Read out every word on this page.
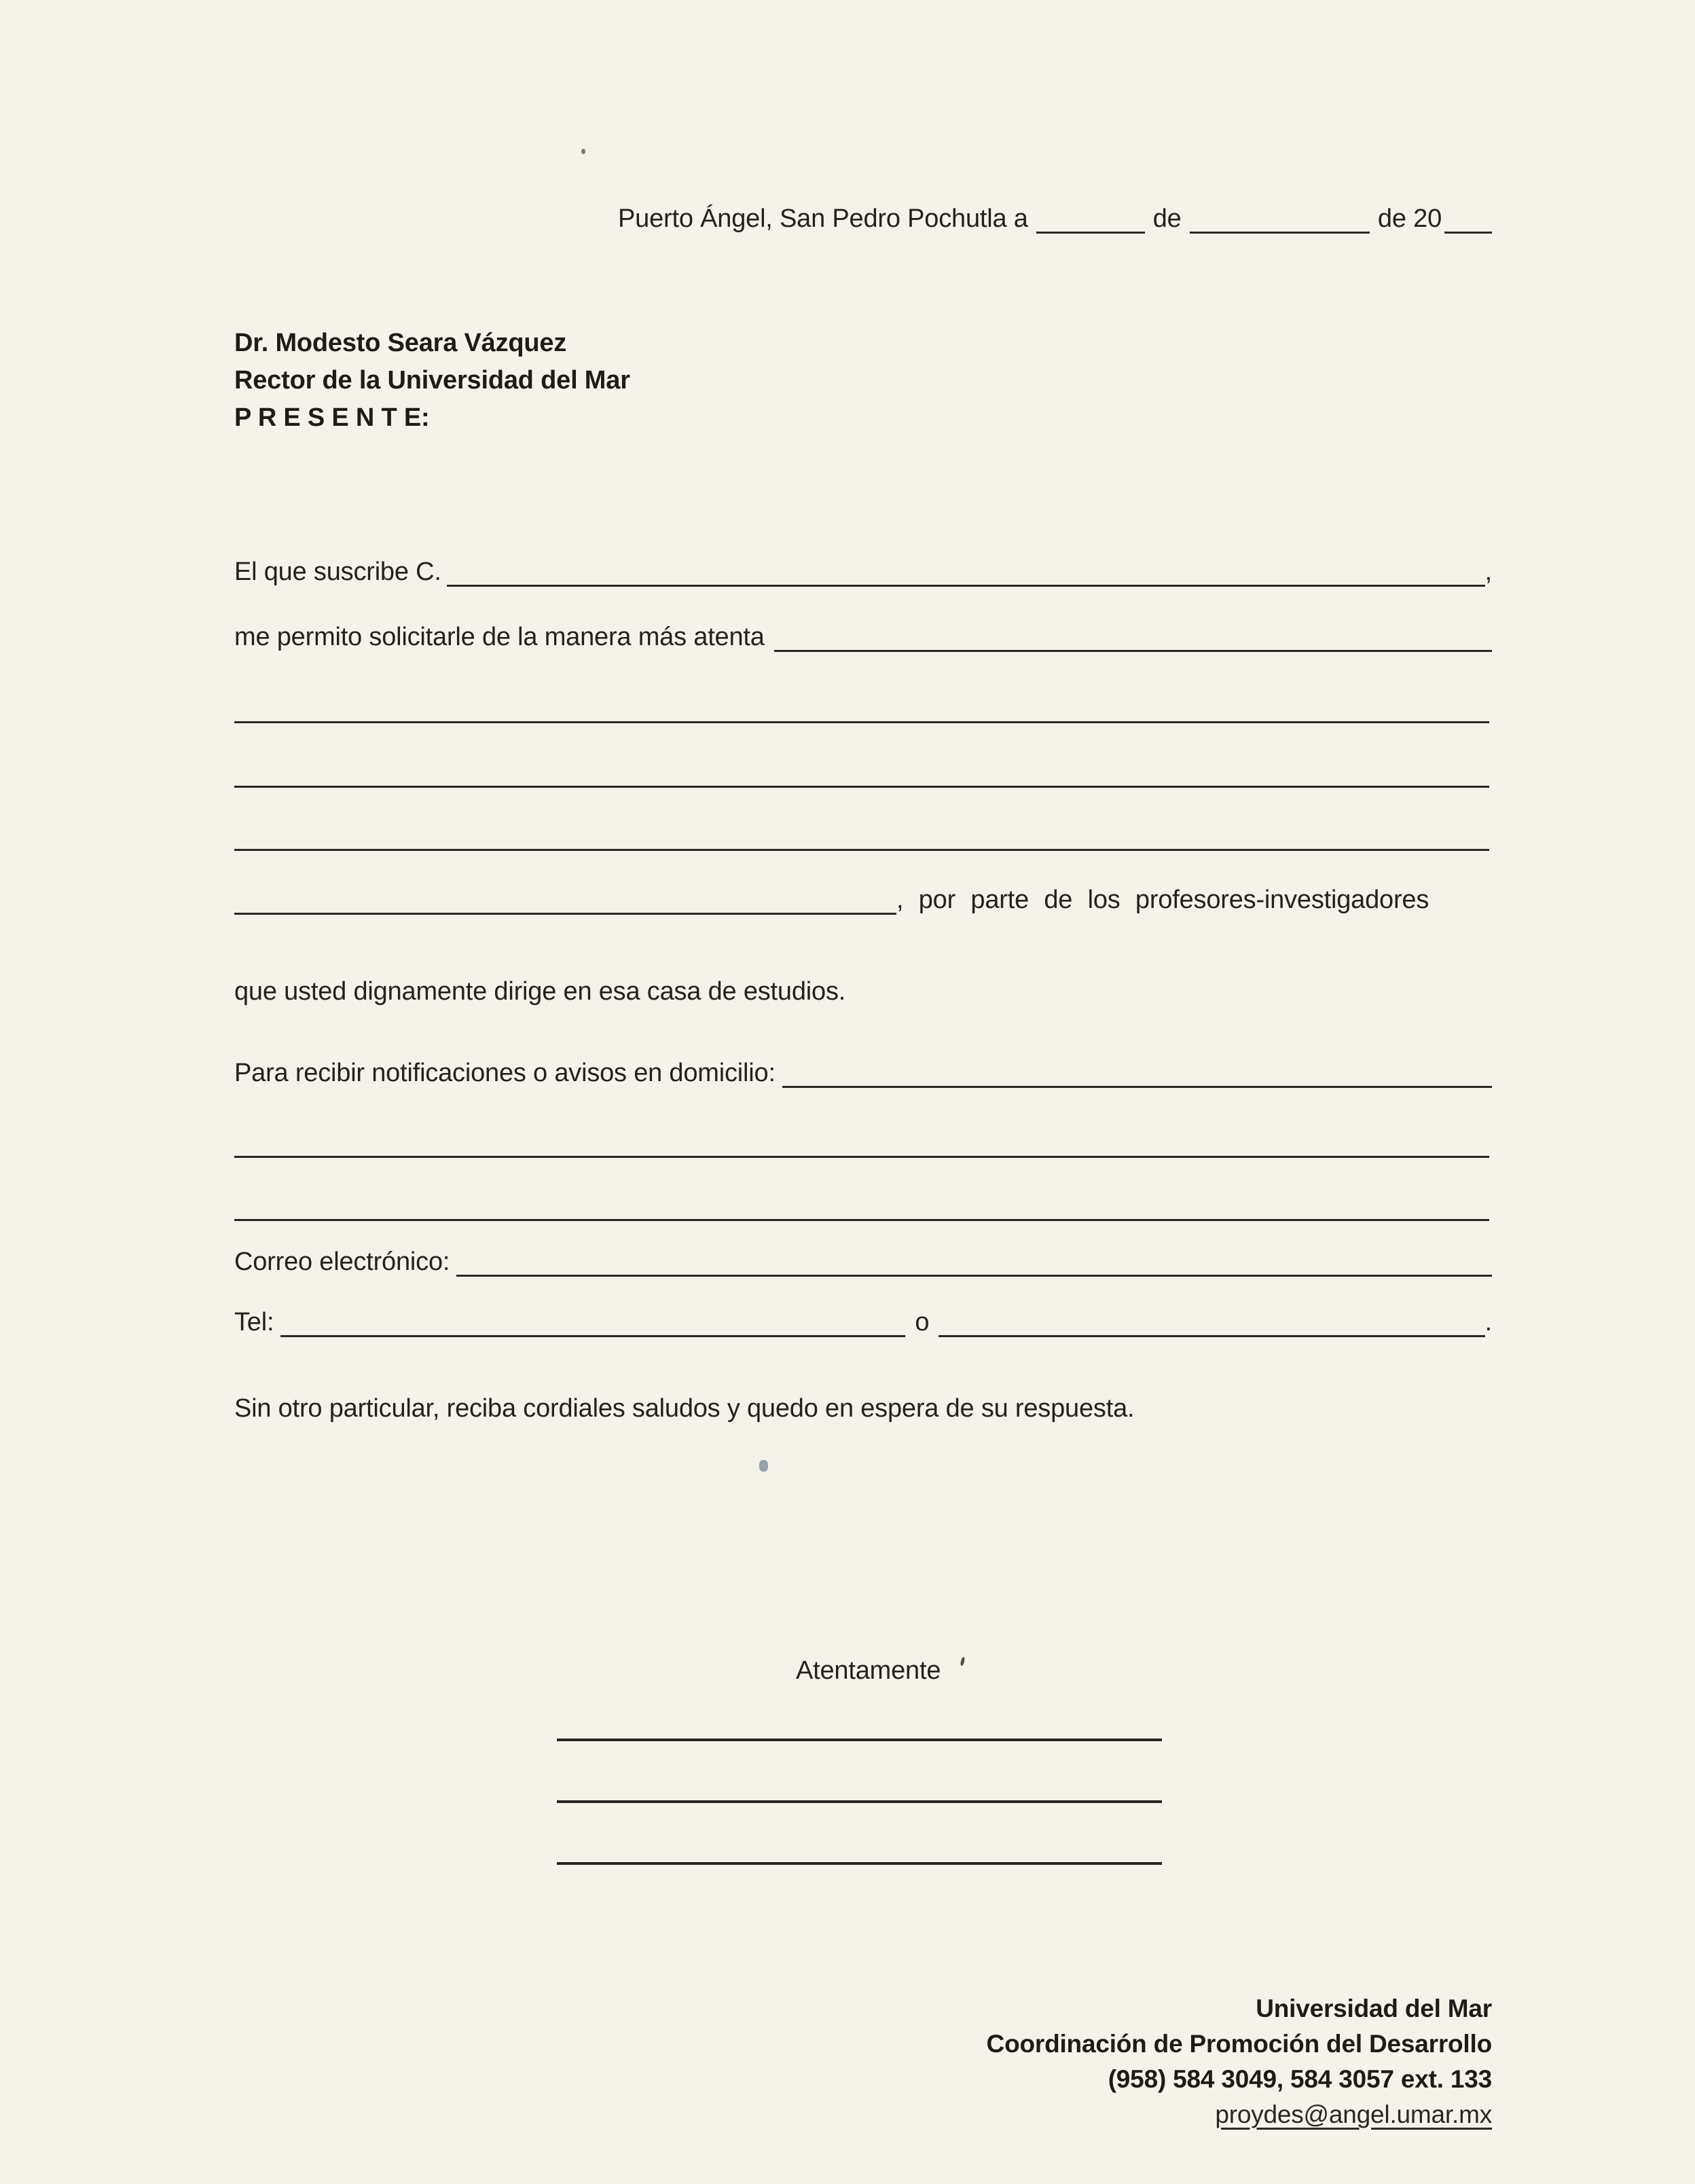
Puerto Ángel, San Pedro Pochutla a	de	de 20
Dr. Modesto Seara Vázquez
Rector de la Universidad del Mar
P R E S E N T E:
El que suscribe C.	,
me permito solicitarle de la manera más atenta
, por parte de los profesores-investigadores
que usted dignamente dirige en esa casa de estudios.
Para recibir notificaciones o avisos en domicilio:
Correo electrónico:
Tel:	o	.
Sin otro particular, reciba cordiales saludos y quedo en espera de su respuesta.
Atentamente
Universidad del Mar
Coordinación de Promoción del Desarrollo
(958) 584 3049, 584 3057 ext. 133
proydes@angel.umar.mx
